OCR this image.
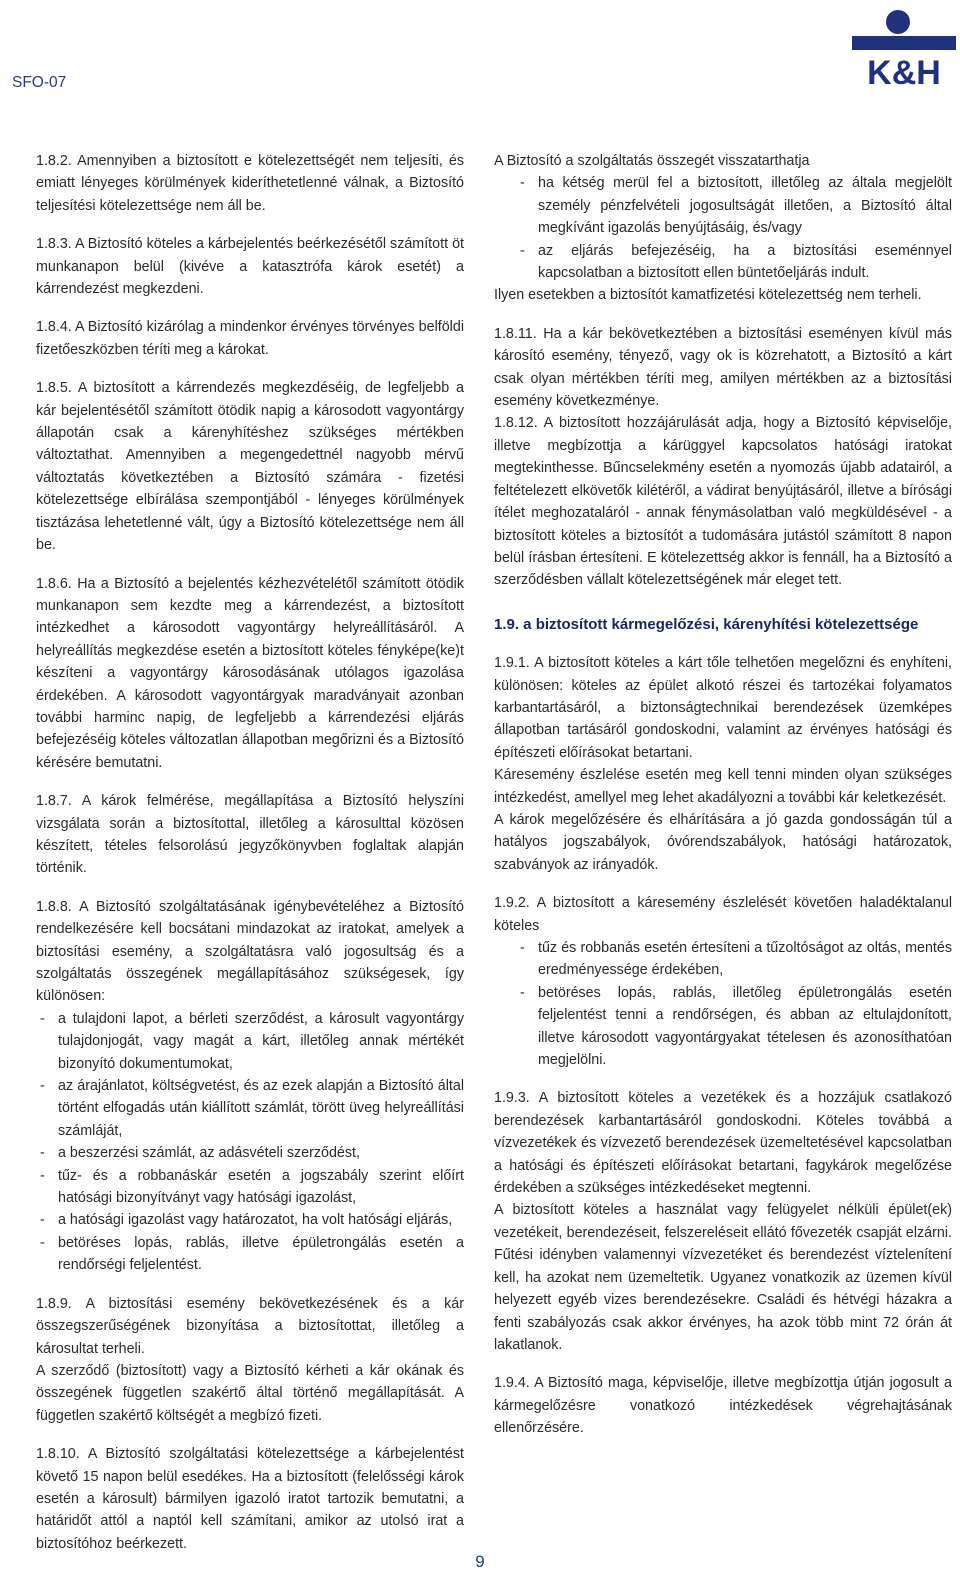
SFO-07	K&H

1.8.2. Amennyiben a biztosított e kötelezettségét nem teljesíti, és emiatt lényeges körülmények kideríthetetlenné válnak, a Biztosító teljesítési kötelezettsége nem áll be.

1.8.3. A Biztosító köteles a kárbejelentés beérkezésétől számított öt munkanapon belül (kivéve a katasztrófa károk esetét) a kárrendezést megkezdeni.

1.8.4. A Biztosító kizárólag a mindenkor érvényes törvényes belföldi fizetőeszközben téríti meg a károkat.

1.8.5. A biztosított a kárrendezés megkezdéséig, de legfeljebb a kár bejelentésétől számított ötödik napig a károsodott vagyontárgy állapotán csak a kárenyhítéshez szükséges mértékben változtathat. Amennyiben a megengedettnél nagyobb mérvű változtatás következtében a Biztosító számára - fizetési kötelezettsége elbírálása szempontjából - lényeges körülmények tisztázása lehetetlenné vált, úgy a Biztosító kötelezettsége nem áll be.

1.8.6. Ha a Biztosító a bejelentés kézhezvételétől számított ötödik munkanapon sem kezdte meg a kárrendezést, a biztosított intézkedhet a károsodott vagyontárgy helyreállításáról. A helyreállítás megkezdése esetén a biztosított köteles fényképe(ke)t készíteni a vagyontárgy károsodásának utólagos igazolása érdekében. A károsodott vagyontárgyak maradványait azonban további harminc napig, de legfeljebb a kárrendezési eljárás befejezéséig köteles változatlan állapotban megőrizni és a Biztosító kérésére bemutatni.

1.8.7. A károk felmérése, megállapítása a Biztosító helyszíni vizsgálata során a biztosítottal, illetőleg a károsulttal közösen készített, tételes felsorolású jegyzőkönyvben foglaltak alapján történik.

1.8.8. A Biztosító szolgáltatásának igénybevételéhez a Biztosító rendelkezésére kell bocsátani mindazokat az iratokat, amelyek a biztosítási esemény, a szolgáltatásra való jogosultság és a szolgáltatás összegének megállapításához szükségesek, így különösen:

- a tulajdoni lapot, a bérleti szerződést, a károsult vagyontárgy tulajdonjogát, vagy magát a kárt, illetőleg annak mértékét bizonyító dokumentumokat,
- az árajánlatot, költségvetést, és az ezek alapján a Biztosító által történt elfogadás után kiállított számlát, törött üveg helyreállítási számláját,
- a beszerzési számlát, az adásvételi szerződést,
- tűz- és a robbanáskár esetén a jogszabály szerint előírt hatósági bizonyítványt vagy hatósági igazolást,
- a hatósági igazolást vagy határozatot, ha volt hatósági eljárás,
- betöréses lopás, rablás, illetve épületrongálás esetén a rendőrségi feljelentést.

1.8.9. A biztosítási esemény bekövetkezésének és a kár összegszerűségének bizonyítása a biztosítottat, illetőleg a károsultat terheli.

A szerződő (biztosított) vagy a Biztosító kérheti a kár okának és összegének független szakértő által történő megállapítását. A független szakértő költségét a megbízó fizeti.

1.8.10. A Biztosító szolgáltatási kötelezettsége a kárbejelentést követő 15 napon belül esedékes. Ha a biztosított (felelősségi károk esetén a károsult) bármilyen igazoló iratot tartozik bemutatni, a határidőt attól a naptól kell számítani, amikor az utolsó irat a biztosítóhoz beérkezett.

A Biztosító a szolgáltatás összegét visszatarthatja

- ha kétség merül fel a biztosított, illetőleg az általa megjelölt személy pénzfelvételi jogosultságát illetően, a Biztosító által megkívánt igazolás benyújtásáig, és/vagy
- az eljárás befejezéséig, ha a biztosítási eseménnyel kapcsolatban a biztosított ellen büntetőeljárás indult.

Ilyen esetekben a biztosítót kamatfizetési kötelezettség nem terheli.

1.8.11. Ha a kár bekövetkeztében a biztosítási eseményen kívül más károsító esemény, tényező, vagy ok is közrehatott, a Biztosító a kárt csak olyan mértékben téríti meg, amilyen mértékben az a biztosítási esemény következménye.

1.8.12. A biztosított hozzájárulását adja, hogy a Biztosító képviselője, illetve megbízottja a kárüggyel kapcsolatos hatósági iratokat megtekinthesse. Bűncselekmény esetén a nyomozás újabb adatairól, a feltételezett elkövetők kilétéről, a vádirat benyújtásáról, illetve a bírósági ítélet meghozataláról - annak fénymásolatban való megküldésével - a biztosított köteles a biztosítót a tudomására jutástól számított 8 napon belül írásban értesíteni. E kötelezettség akkor is fennáll, ha a Biztosító a szerződésben vállalt kötelezettségének már eleget tett.

1.9. a biztosított kármegelőzési, kárenyhítési kötelezettsége

1.9.1. A biztosított köteles a kárt tőle telhetően megelőzni és enyhíteni, különösen: köteles az épület alkotó részei és tartozékai folyamatos karbantartásáról, a biztonságtechnikai berendezések üzemképes állapotban tartásáról gondoskodni, valamint az érvényes hatósági és építészeti előírásokat betartani.

Káresemény észlelése esetén meg kell tenni minden olyan szükséges intézkedést, amellyel meg lehet akadályozni a további kár keletkezését.

A károk megelőzésére és elhárítására a jó gazda gondosságán túl a hatályos jogszabályok, óvórendszabályok, hatósági határozatok, szabványok az irányadók.

1.9.2. A biztosított a káresemény észlelését követően haladéktalanul köteles

- tűz és robbanás esetén értesíteni a tűzoltóságot az oltás, mentés eredményessége érdekében,
- betöréses lopás, rablás, illetőleg épületrongálás esetén feljelentést tenni a rendőrségen, és abban az eltulajdonított, illetve károsodott vagyontárgyakat tételesen és azonosíthatóan megjelölni.

1.9.3. A biztosított köteles a vezetékek és a hozzájuk csatlakozó berendezések karbantartásáról gondoskodni. Köteles továbbá a vízvezetékek és vízvezető berendezések üzemeltetésével kapcsolatban a hatósági és építészeti előírásokat betartani, fagykárok megelőzése érdekében a szükséges intézkedéseket megtenni.

A biztosított köteles a használat vagy felügyelet nélküli épület(ek) vezetékeit, berendezéseit, felszereléseit ellátó fővezeték csapját elzárni. Fűtési idényben valamennyi vízvezetéket és berendezést víztelenítení kell, ha azokat nem üzemeltetik. Ugyanez vonatkozik az üzemen kívül helyezett egyéb vizes berendezésekre. Családi és hétvégi házakra a fenti szabályozás csak akkor érvényes, ha azok több mint 72 órán át lakatlanok.

1.9.4. A Biztosító maga, képviselője, illetve megbízottja útján jogosult a kármegelőzésre vonatkozó intézkedések végrehajtásának ellenőrzésére.

9
